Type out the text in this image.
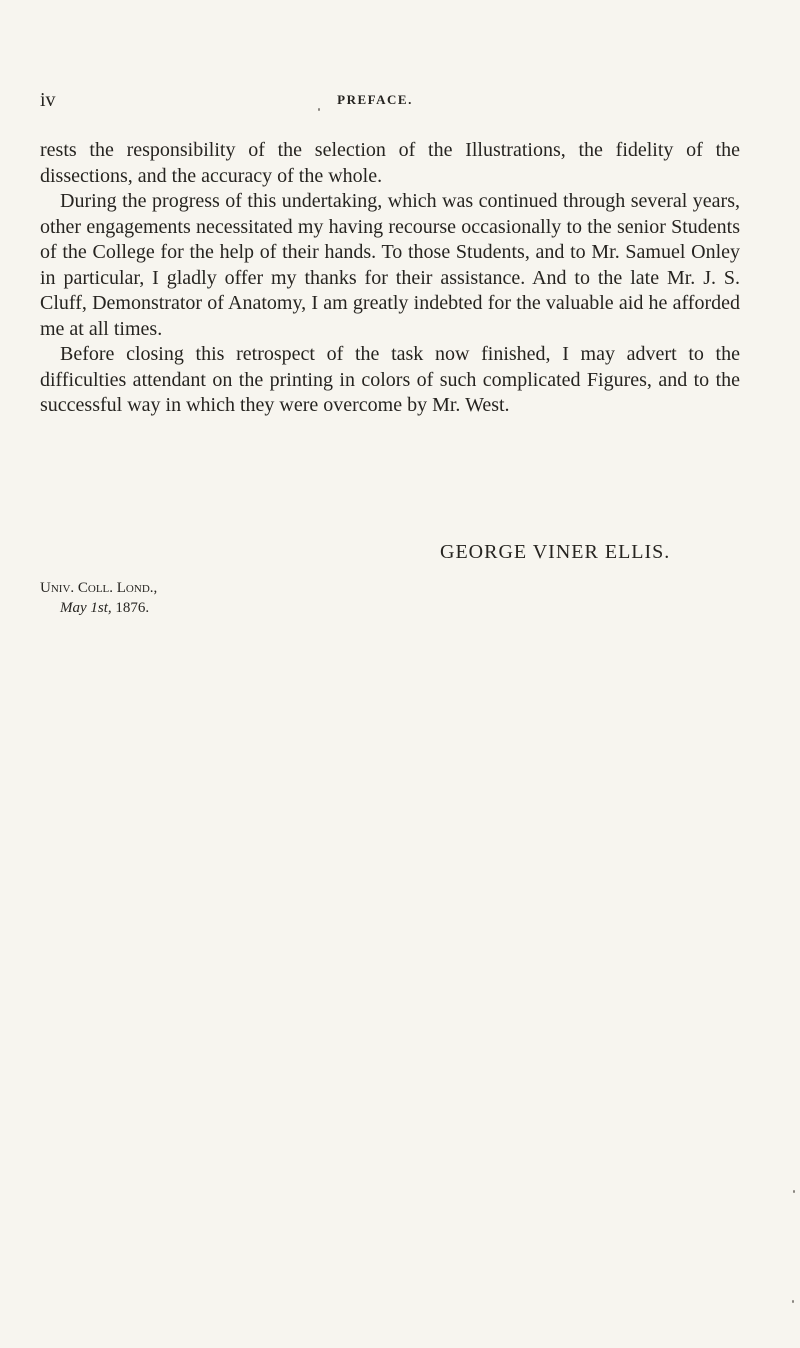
iv	PREFACE.

rests the responsibility of the selection of the Illustrations, the fidelity of the dissections, and the accuracy of the whole.

During the progress of this undertaking, which was continued through several years, other engagements necessitated my having recourse occasionally to the senior Students of the College for the help of their hands. To those Students, and to Mr. Samuel Onley in particular, I gladly offer my thanks for their assistance. And to the late Mr. J. S. Cluff, Demonstrator of Anatomy, I am greatly indebted for the valuable aid he afforded me at all times.

Before closing this retrospect of the task now finished, I may advert to the difficulties attendant on the printing in colors of such complicated Figures, and to the successful way in which they were overcome by Mr. West.

GEORGE VINER ELLIS.
Univ. Coll. Lond.,
May 1st, 1876.
